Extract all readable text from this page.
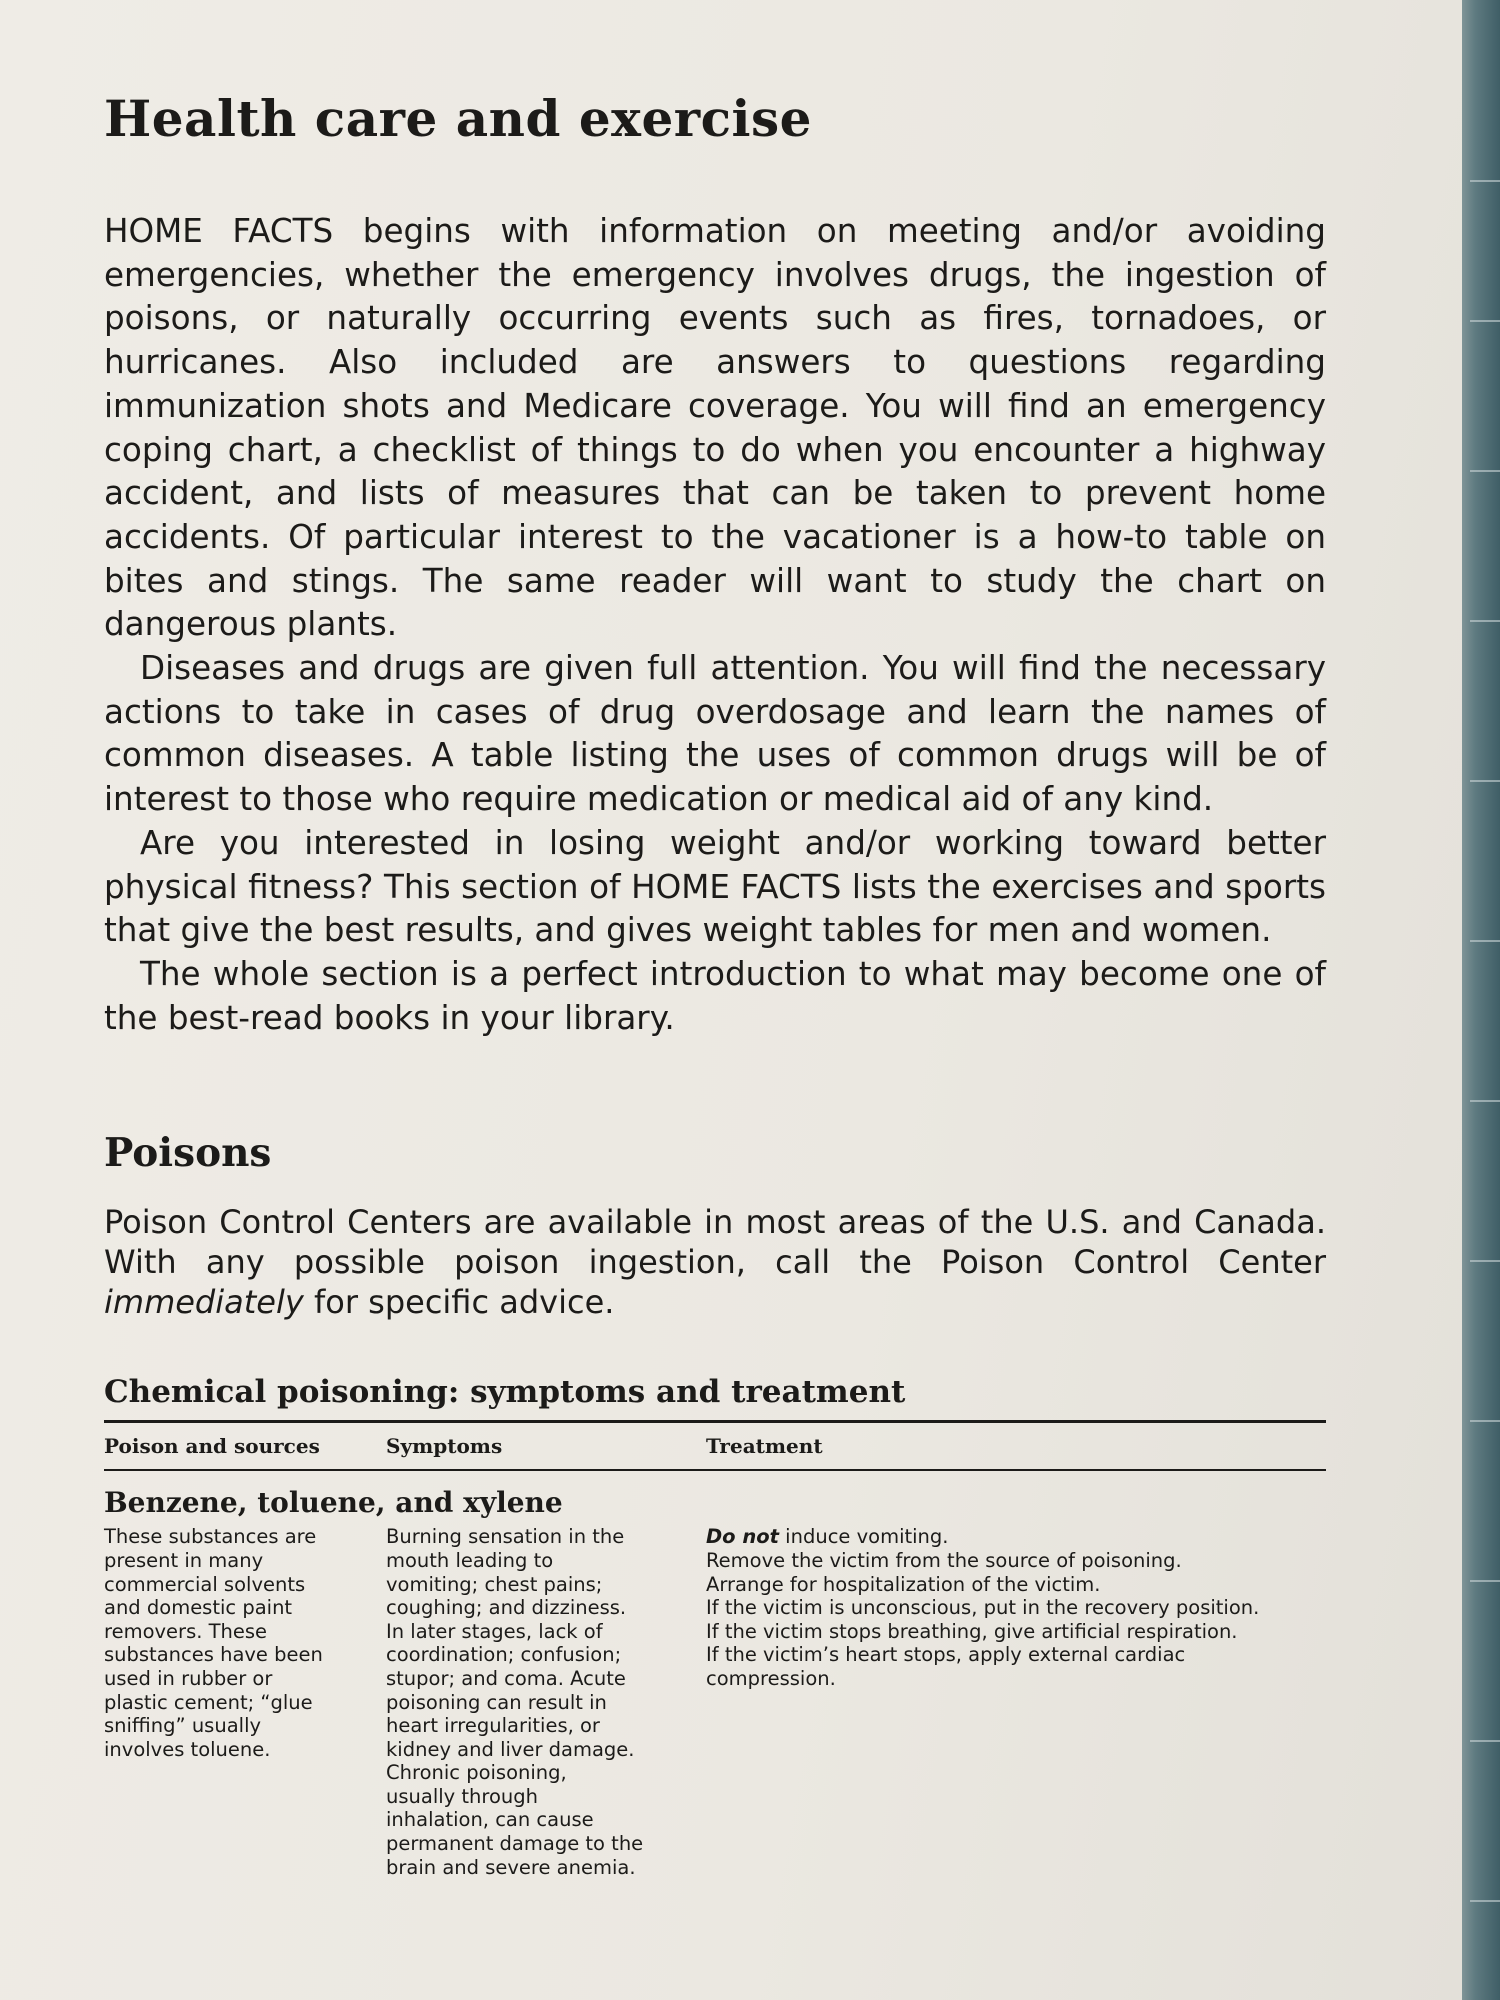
Health care and exercise

HOME FACTS begins with information on meeting and/or avoiding emergencies, whether the emergency involves drugs, the ingestion of poisons, or naturally occurring events such as fires, tornadoes, or hurricanes. Also included are answers to questions regarding immunization shots and Medicare coverage. You will find an emergency coping chart, a checklist of things to do when you encounter a highway accident, and lists of measures that can be taken to prevent home accidents. Of particular interest to the vacationer is a how-to table on bites and stings. The same reader will want to study the chart on dangerous plants.

Diseases and drugs are given full attention. You will find the necessary actions to take in cases of drug overdosage and learn the names of common diseases. A table listing the uses of common drugs will be of interest to those who require medication or medical aid of any kind.

Are you interested in losing weight and/or working toward better physical fitness? This section of HOME FACTS lists the exercises and sports that give the best results, and gives weight tables for men and women.

The whole section is a perfect introduction to what may become one of the best-read books in your library.

Poisons
Poison Control Centers are available in most areas of the U.S. and Canada. With any possible poison ingestion, call the Poison Control Center immediately for specific advice.
Chemical poisoning: symptoms and treatment
Poison and sources	Symptoms	Treatment
Benzene, toluene, and xylene
These substances are
present in many
commercial solvents
and domestic paint
removers. These
substances have been
used in rubber or
plastic cement; “glue
sniffing” usually
involves toluene.
Burning sensation in the
mouth leading to
vomiting; chest pains;
coughing; and dizziness.
In later stages, lack of
coordination; confusion;
stupor; and coma. Acute
poisoning can result in
heart irregularities, or
kidney and liver damage.
Chronic poisoning,
usually through
inhalation, can cause
permanent damage to the
brain and severe anemia.
Do not induce vomiting.
Remove the victim from the source of poisoning.
Arrange for hospitalization of the victim.
If the victim is unconscious, put in the recovery position.
If the victim stops breathing, give artificial respiration.
If the victim’s heart stops, apply external cardiac
compression.
